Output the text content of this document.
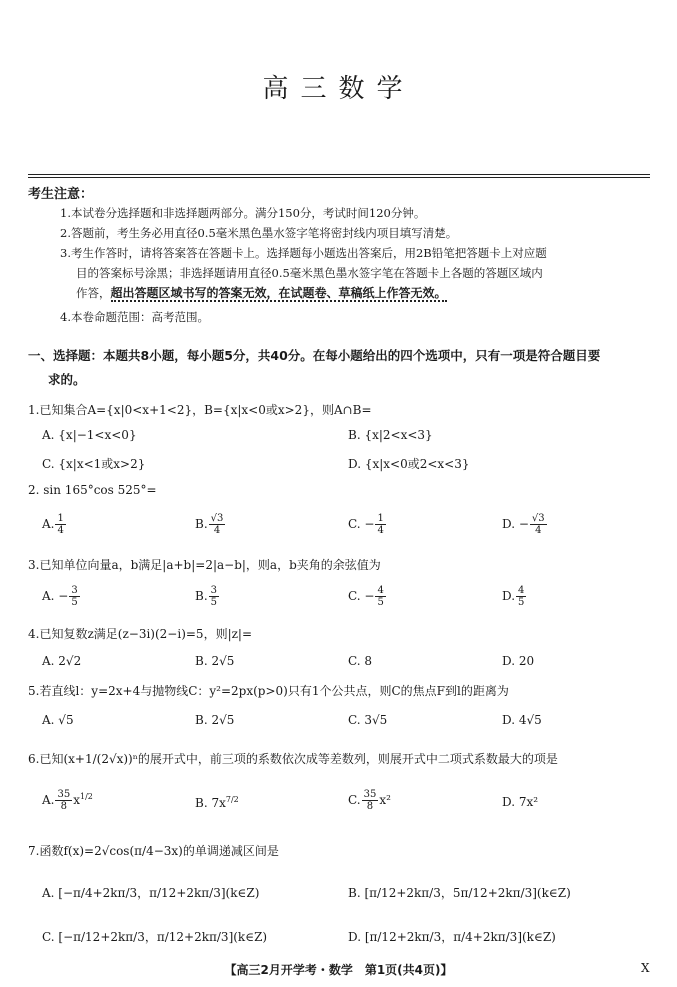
高三数学
考生注意：
1.本试卷分选择题和非选择题两部分。满分150分，考试时间120分钟。
2.答题前，考生务必用直径0.5毫米黑色墨水签字笔将密封线内项目填写清楚。
3.考生作答时，请将答案答在答题卡上。选择题每小题选出答案后，用2B铅笔把答题卡上对应题
目的答案标号涂黑；非选择题请用直径0.5毫米黑色墨水签字笔在答题卡上各题的答题区域内
作答，超出答题区域书写的答案无效，在试题卷、草稿纸上作答无效。
4.本卷命题范围：高考范围。
一、选择题：本题共8小题，每小题5分，共40分。在每小题给出的四个选项中，只有一项是符合题目要
求的。
1.已知集合A={x|0<x+1<2}，B={x|x<0或x>2}，则A∩B=
A. {x|−1<x<0}	B. {x|2<x<3}
C. {x|x<1或x>2}	D. {x|x<0或2<x<3}
2. sin 165°cos 525°=
A. $\frac{1}{4}$	B. $\frac{√3}{4}$	C. − $\frac{1}{4}$	D. − $\frac{√3}{4}$
3.已知单位向量a，b满足|a+b|=2|a−b|，则a，b夹角的余弦值为
A. − $\frac{3}{5}$	B. $\frac{3}{5}$	C. − $\frac{4}{5}$	D. $\frac{4}{5}$
4.已知复数z满足(z−3i)(2−i)=5，则|z|=
A. 2√2	B. 2√5	C. 8	D. 20
5.若直线l：y=2x+4与抛物线C：y²=2px(p>0)只有1个公共点，则C的焦点F到l的距离为
A. √5	B. 2√5	C. 3√5	D. 4√5
6.已知(x+1/(2√x))ⁿ的展开式中，前三项的系数依次成等差数列，则展开式中二项式系数最大的项是
A. $\frac{35}{8} x^{1/2}$	B. $7x^{7/2}$	C. $\frac{35}{8} x^2$	D. 7x²
7.函数f(x)=2√cos(π/4−3x)的单调递减区间是
A. [−π/4+2kπ/3，π/12+2kπ/3](k∈Z)	B. [π/12+2kπ/3，5π/12+2kπ/3](k∈Z)
C. [−π/12+2kπ/3，π/12+2kπ/3](k∈Z)	D. [π/12+2kπ/3，π/4+2kπ/3](k∈Z)
【高三2月开学考・数学　第1页(共4页)】	X
